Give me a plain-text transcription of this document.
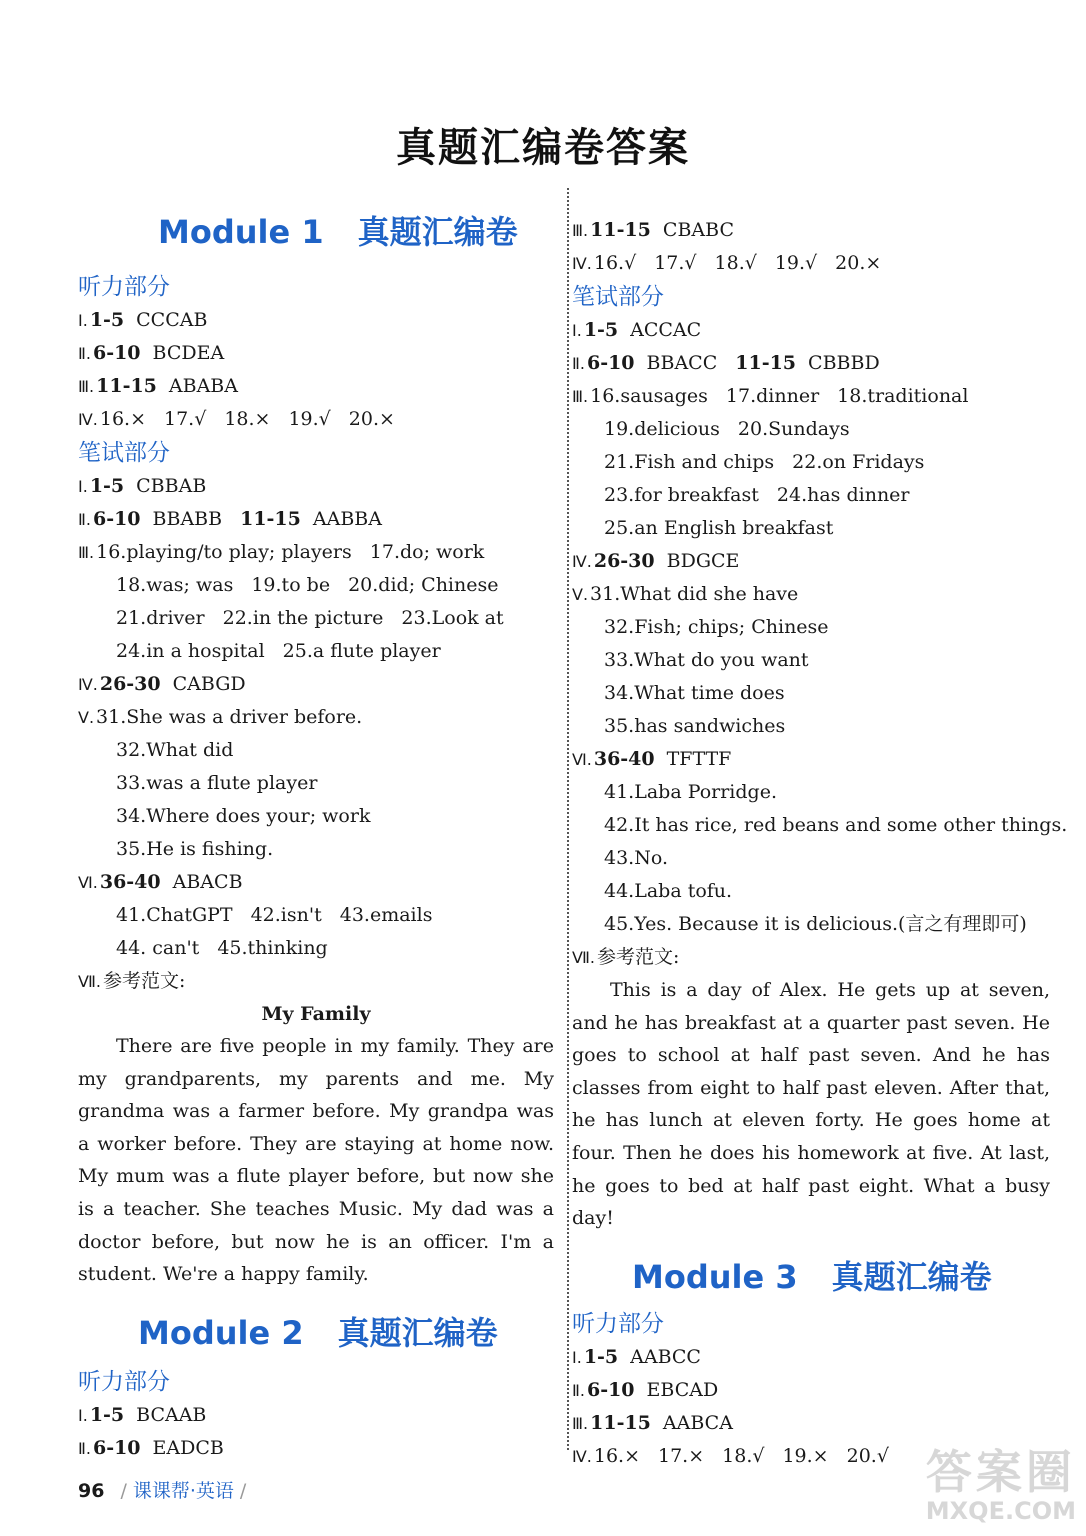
真题汇编卷答案
Module 1 真题汇编卷
听力部分
Ⅰ. 1-5 CCCAB
Ⅱ. 6-10 BCDEA
Ⅲ. 11-15 ABABA
Ⅳ. 16.× 17.√ 18.× 19.√ 20.×
笔试部分
Ⅰ. 1-5 CBBAB
Ⅱ. 6-10 BBABB 11-15 AABBA
Ⅲ. 16.playing/to play; players 17.do; work
18.was; was 19.to be 20.did; Chinese
21.driver 22.in the picture 23.Look at
24.in a hospital 25.a flute player
Ⅳ. 26-30 CABGD
Ⅴ. 31.She was a driver before.
32.What did
33.was a flute player
34.Where does your; work
35.He is fishing.
Ⅵ. 36-40 ABACB
41.ChatGPT 42.isn't 43.emails
44. can't 45.thinking
Ⅶ. 参考范文:
My Family
There are five people in my family. They are my grandparents, my parents and me. My grandma was a farmer before. My grandpa was a worker before. They are staying at home now. My mum was a flute player before, but now she is a teacher. She teaches Music. My dad was a doctor before, but now he is an officer. I'm a student. We're a happy family.
Module 2 真题汇编卷
听力部分
Ⅰ. 1-5 BCAAB
Ⅱ. 6-10 EADCB
Ⅲ. 11-15 CBABC
Ⅳ. 16.√ 17.√ 18.√ 19.√ 20.×
笔试部分
Ⅰ. 1-5 ACCAC
Ⅱ. 6-10 BBACC 11-15 CBBBD
Ⅲ. 16.sausages 17.dinner 18.traditional
19.delicious 20.Sundays
21.Fish and chips 22.on Fridays
23.for breakfast 24.has dinner
25.an English breakfast
Ⅳ. 26-30 BDGCE
Ⅴ. 31.What did she have
32.Fish; chips; Chinese
33.What do you want
34.What time does
35.has sandwiches
Ⅵ. 36-40 TFTTF
41.Laba Porridge.
42.It has rice, red beans and some other things.
43.No.
44.Laba tofu.
45.Yes. Because it is delicious.(言之有理即可)
Ⅶ. 参考范文:
This is a day of Alex. He gets up at seven, and he has breakfast at a quarter past seven. He goes to school at half past seven. And he has classes from eight to half past eleven. After that, he has lunch at eleven forty. He goes home at four. Then he does his homework at five. At last, he goes to bed at half past eight. What a busy day!
Module 3 真题汇编卷
听力部分
Ⅰ. 1-5 AABCC
Ⅱ. 6-10 EBCAD
Ⅲ. 11-15 AABCA
Ⅳ. 16.× 17.× 18.√ 19.× 20.√
96 / 课课帮·英语 /	答案圈
MXQE.COM
